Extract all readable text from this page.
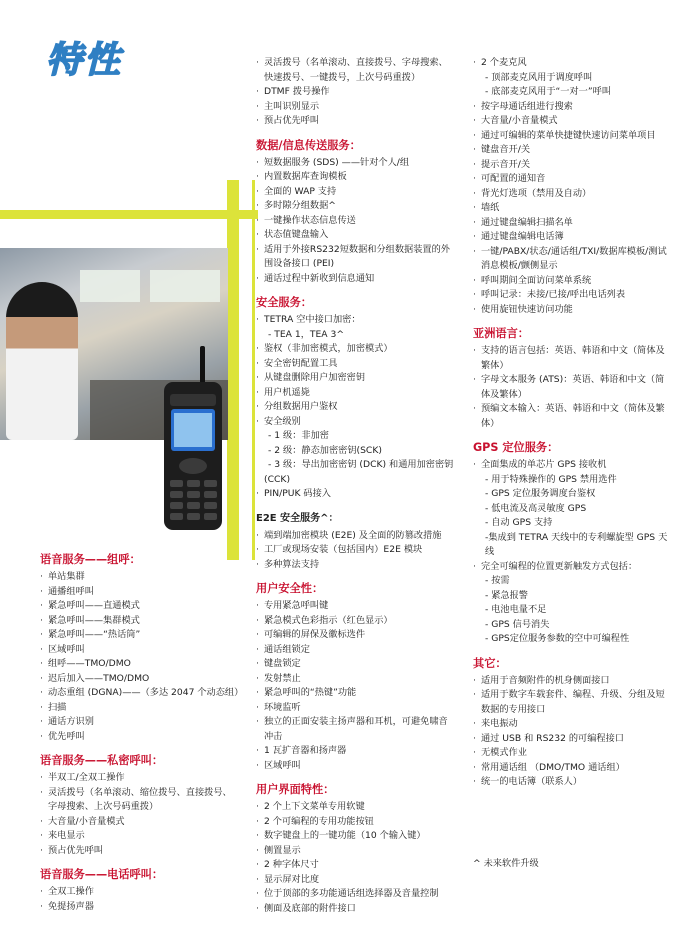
特性
语音服务——组呼：
· 单站集群
· 通播组呼叫
· 紧急呼叫——直通模式
· 紧急呼叫——集群模式
· 紧急呼叫——“热话筒”
· 区域呼叫
· 组呼——TMO/DMO
· 迟后加入——TMO/DMO
· 动态重组 (DGNA)——（多达 2047 个动态组）
· 扫描
· 通话方识别
· 优先呼叫
语音服务——私密呼叫：
· 半双工/全双工操作
· 灵活拨号（名单滚动、缩位拨号、直接拨号、
字母搜索、上次号码重拨）
· 大音量/小音量模式
· 来电显示
· 预占优先呼叫
语音服务——电话呼叫：
· 全双工操作
· 免提扬声器
· 灵活拨号（名单滚动、直接拨号、字母搜索、
快速拨号、一键拨号，上次号码重拨）
· DTMF 拨号操作
· 主叫识别显示
· 预占优先呼叫
数据/信息传送服务：
· 短数据服务 (SDS) ——针对个人/组
· 内置数据库查询模板
· 全面的 WAP 支持
· 多时隙分组数据^
· 一键操作状态信息传送
· 状态值键盘输入
· 适用于外接RS232短数据和分组数据装置的外
围设备接口 (PEI)
· 通话过程中新收到信息通知
安全服务：
· TETRA 空中接口加密：
- TEA 1，TEA 3^
· 鉴权（非加密模式，加密模式）
· 安全密钥配置工具
· 从键盘删除用户加密密钥
· 用户机遥毙
· 分组数据用户鉴权
· 安全级别
- 1 级：非加密
- 2 级：静态加密密钥(SCK)
- 3 级：导出加密密钥 (DCK) 和通用加密密钥
(CCK)
· PIN/PUK 码接入
E2E 安全服务^：
· 端到端加密模块 (E2E) 及全面的防篡改措施
· 工厂或现场安装（包括国内）E2E 模块
· 多种算法支持
用户安全性：
· 专用紧急呼叫键
· 紧急模式色彩指示（红色显示）
· 可编辑的屏保及徽标选件
· 通话组锁定
· 键盘锁定
· 发射禁止
· 紧急呼叫的“热键”功能
· 环境监听
· 独立的正面安装主扬声器和耳机，可避免啸音
冲击
· 1 瓦扩音器和扬声器
· 区域呼叫
用户界面特性：
· 2 个上下文菜单专用软键
· 2 个可编程的专用功能按钮
· 数字键盘上的一键功能（10 个输入键）
· 侧置显示
· 2 种字体尺寸
· 显示屏对比度
· 位于顶部的多功能通话组选择器及音量控制
· 侧面及底部的附件接口
· 2 个麦克风
- 顶部麦克风用于调度呼叫
- 底部麦克风用于“一对一”呼叫
· 按字母通话组进行搜索
· 大音量/小音量模式
· 通过可编辑的菜单快捷键快速访问菜单项目
· 键盘音开/关
· 提示音开/关
· 可配置的通知音
· 背光灯选项（禁用及自动）
· 墙纸
· 通过键盘编辑扫描名单
· 通过键盘编辑电话簿
· 一键/PABX/状态/通话组/TXI/数据库模板/测试
消息模板/颤侧显示
· 呼叫期间全面访问菜单系统
· 呼叫记录：未接/已接/呼出电话列表
· 使用旋钮快速访问功能
亚洲语言：
· 支持的语言包括：英语、韩语和中文（简体及
繁体）
· 字母文本服务 (ATS)：英语、韩语和中文（简
体及繁体）
· 预编文本输入：英语、韩语和中文（简体及繁
体）
GPS 定位服务：
· 全面集成的单芯片 GPS 接收机
- 用于特殊操作的 GPS 禁用选件
- GPS 定位服务调度台鉴权
- 低电流及高灵敏度 GPS
- 自动 GPS 支持
-集成到 TETRA 天线中的专利螺旋型 GPS 天
线
· 完全可编程的位置更新触发方式包括：
- 按需
- 紧急报警
- 电池电量不足
- GPS 信号消失
- GPS定位服务参数的空中可编程性
其它：
· 适用于音频附件的机身侧面接口
· 适用于数字车载套件、编程、升级、分组及短
数据的专用接口
· 来电振动
· 通过 USB 和 RS232 的可编程接口
· 无模式作业
· 常用通话组 （DMO/TMO 通话组）
· 统一的电话簿（联系人）
^ 未来软件升级
